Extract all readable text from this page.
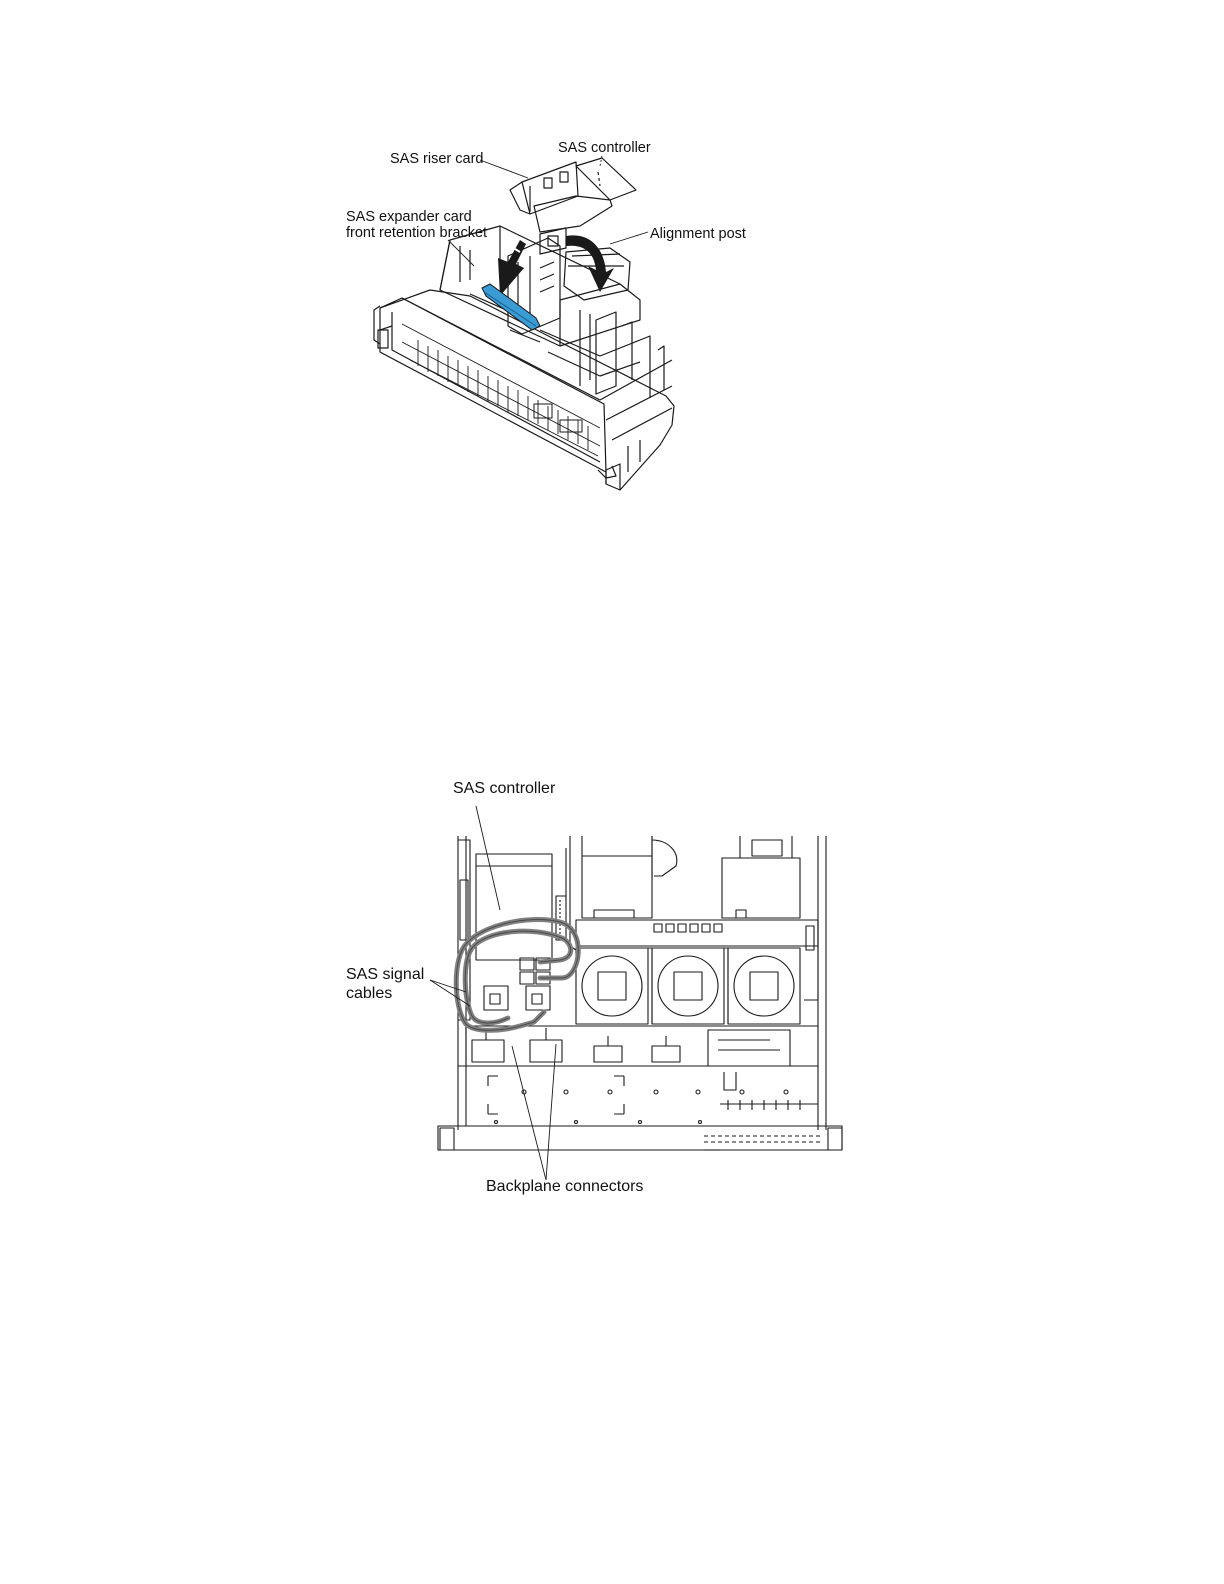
SAS riser card
SAS controller
SAS expander card
front retention bracket	Alignment post
SAS controller
SAS signal
cables
Backplane connectors
